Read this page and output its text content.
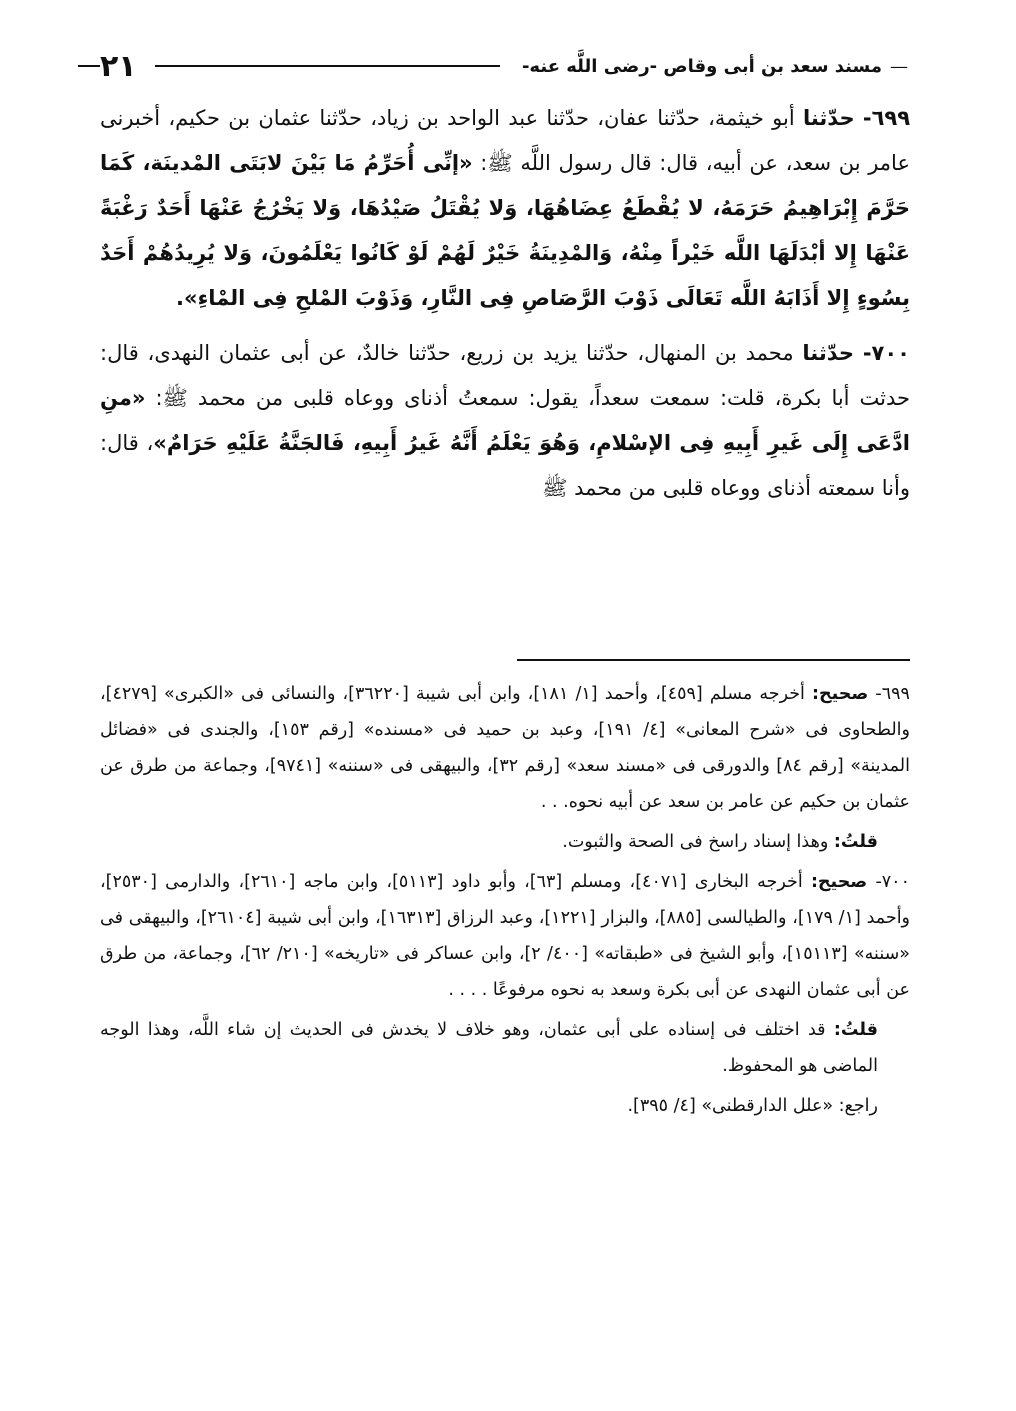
—
مسند سعد بن أبى وقاص -رضى اللَّه عنه-
٢١

٦٩٩- حدّثنا أبو خيثمة، حدّثنا عفان، حدّثنا عبد الواحد بن زياد، حدّثنا عثمان بن حكيم، أخبرنى عامر بن سعد، عن أبيه، قال: قال رسول اللَّه ﷺ: «إنِّى أُحَرِّمُ مَا بَيْنَ لابَتَى المْدينَة، كَمَا حَرَّمَ إِبْرَاهِيمُ حَرَمَهُ، لا يُقْطَعُ عِضَاهُهَا، وَلا يُقْتَلُ صَيْدُهَا، وَلا يَخْرُجُ عَنْهَا أَحَدٌ رَغْبَةً عَنْهَا إِلا أبْدَلَهَا اللَّه خَيْراً مِنْهُ، وَالمْدِينَةُ خَيْرٌ لَهُمْ لَوْ كَانُوا يَعْلَمُونَ، وَلا يُرِيدُهُمْ أَحَدٌ بِسُوءٍ إِلا أَذَابَهُ اللَّه تَعَالَى ذَوْبَ الرَّصَاصِ فِى النَّارِ، وَذَوْبَ المْلحِ فِى المْاءِ».

٧٠٠- حدّثنا محمد بن المنهال، حدّثنا يزيد بن زريع، حدّثنا خالدٌ، عن أبى عثمان النهدى، قال: حدثت أبا بكرة، قلت: سمعت سعداً، يقول: سمعتُ أذناى ووعاه قلبى من محمد ﷺ: «منِ ادَّعَى إِلَى غَيرِ أَبِيهِ فِى الإسْلامِ، وَهُوَ يَعْلَمُ أَنَّهُ غَيرُ أَبِيهِ، فَالجَنَّةُ عَلَيْهِ حَرَامٌ»، قال: وأنا سمعته أذناى ووعاه قلبى من محمد ﷺ

٦٩٩- صحيح: أخرجه مسلم [٤٥٩]، وأحمد [١/ ١٨١]، وابن أبى شيبة [٣٦٢٢٠]، والنسائى فى «الكبرى» [٤٢٧٩]، والطحاوى فى «شرح المعانى» [٤/ ١٩١]، وعبد بن حميد فى «مسنده» [رقم ١٥٣]، والجندى فى «فضائل المدينة» [رقم ٨٤] والدورقى فى «مسند سعد» [رقم ٣٢]، والبيهقى فى «سننه» [٩٧٤١]، وجماعة من طرق عن عثمان بن حكيم عن عامر بن سعد عن أبيه نحوه. . .

قلتُ: وهذا إسناد راسخ فى الصحة والثبوت.

٧٠٠- صحيح: أخرجه البخارى [٤٠٧١]، ومسلم [٦٣]، وأبو داود [٥١١٣]، وابن ماجه [٢٦١٠]، والدارمى [٢٥٣٠]، وأحمد [١/ ١٧٩]، والطيالسى [٨٨٥]، والبزار [١٢٢١]، وعبد الرزاق [١٦٣١٣]، وابن أبى شيبة [٢٦١٠٤]، والبيهقى فى «سننه» [١٥١١٣]، وأبو الشيخ فى «طبقاته» [٤٠٠/ ٢]، وابن عساكر فى «تاريخه» [٢١٠/ ٦٢]، وجماعة، من طرق عن أبى عثمان النهدى عن أبى بكرة وسعد به نحوه مرفوعًا . . . .

قلتُ: قد اختلف فى إسناده على أبى عثمان، وهو خلاف لا يخدش فى الحديث إن شاء اللَّه، وهذا الوجه الماضى هو المحفوظ.

راجع: «علل الدارقطنى» [٤/ ٣٩٥].
